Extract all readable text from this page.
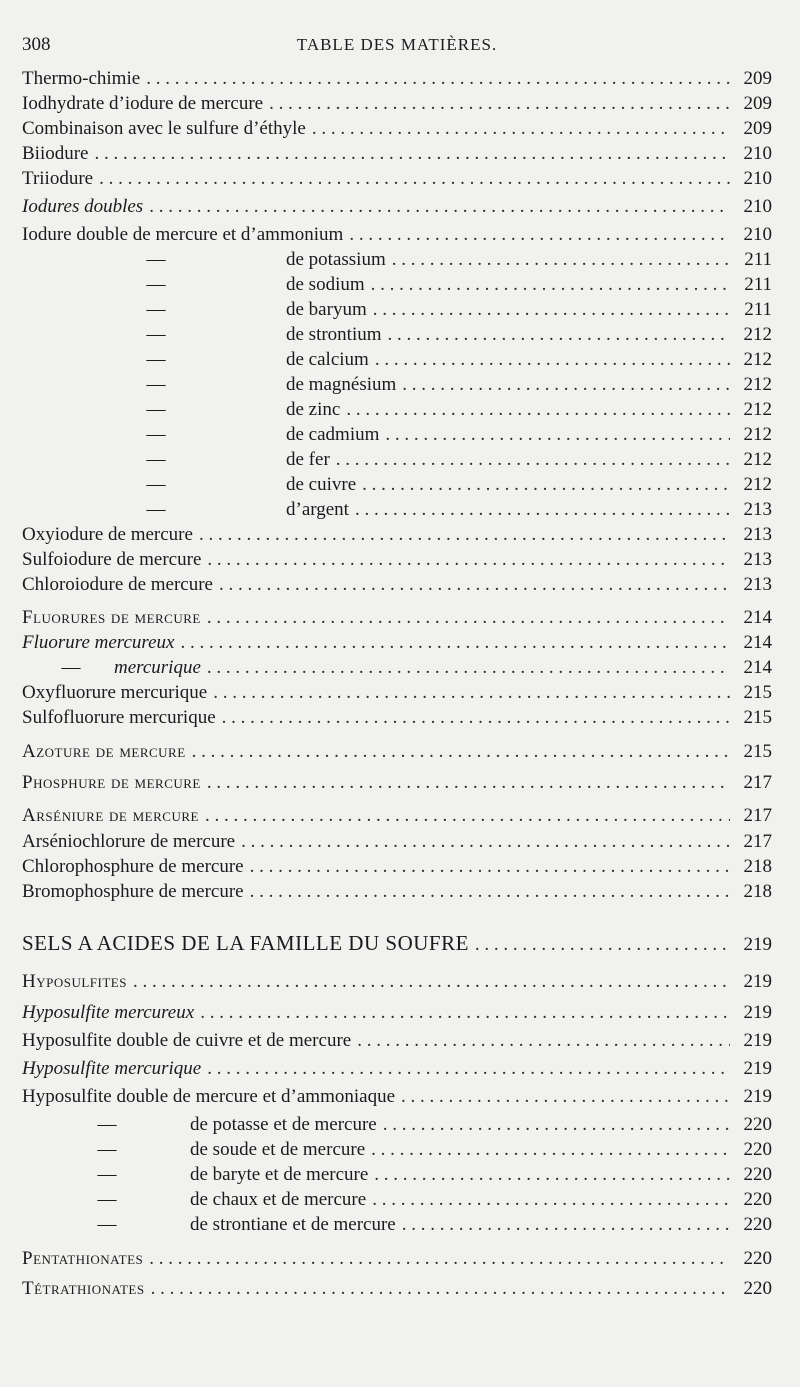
308	TABLE DES MATIÈRES.
Thermo-chimie . . .	209
Iodhydrate d’iodure de mercure . . .	209
Combinaison avec le sulfure d’éthyle . . .	209
Biiodure . . .	210
Triiodure . . .	210
Iodures doubles . . .	210
Iodure double de mercure et d’ammonium . . .	210
—	de potassium . . .	211
—	de sodium . . .	211
—	de baryum . . .	211
—	de strontium . . .	212
—	de calcium . . .	212
—	de magnésium . . .	212
—	de zinc . . .	212
—	de cadmium . . .	212
—	de fer . . .	212
—	de cuivre . . .	212
—	d’argent . . .	213
Oxyiodure de mercure . . .	213
Sulfoiodure de mercure . . .	213
Chloroiodure de mercure . . .	213
Fluorures de mercure . . .	214
Fluorure mercureux . . .	214
— mercurique . . .	214
Oxyfluorure mercurique . . .	215
Sulfofluorure mercurique . . .	215
Azoture de mercure . . .	215
Phosphure de mercure . . .	217
Arséniure de mercure . . .	217
Arséniochlorure de mercure . . .	217
Chlorophosphure de mercure . . .	218
Bromophosphure de mercure . . .	218
SELS A ACIDES DE LA FAMILLE DU SOUFRE . . .	219
Hyposulfites . . .	219
Hyposulfite mercureux . . .	219
Hyposulfite double de cuivre et de mercure . . .	219
Hyposulfite mercurique . . .	219
Hyposulfite double de mercure et d’ammoniaque . . .	219
—	de potasse et de mercure . . .	220
—	de soude et de mercure . . .	220
—	de baryte et de mercure . . .	220
—	de chaux et de mercure . . .	220
—	de strontiane et de mercure . . .	220
Pentathionates . . .	220
Tétrathionates . . .	220
